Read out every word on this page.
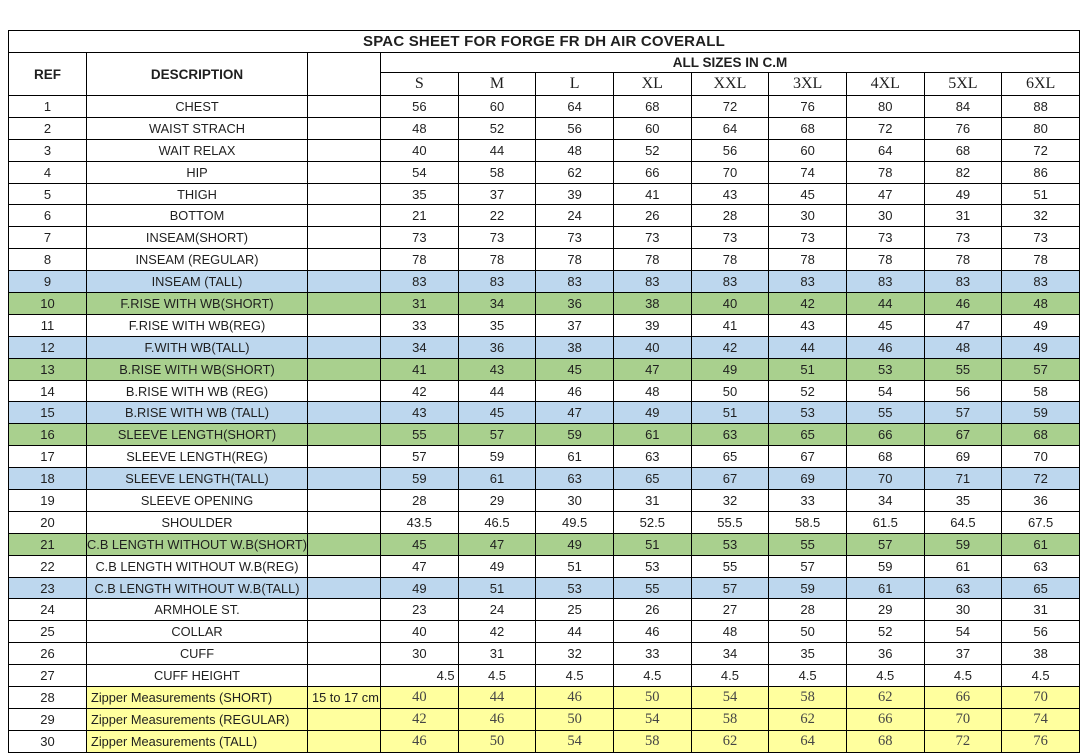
SPAC SHEET FOR FORGE FR DH AIR COVERALL											
REF	DESCRIPTION		ALL SIZES IN C.M								
			S	M	L	XL	XXL	3XL	4XL	5XL	6XL
1	CHEST		56	60	64	68	72	76	80	84	88
2	WAIST STRACH		48	52	56	60	64	68	72	76	80
3	WAIT RELAX		40	44	48	52	56	60	64	68	72
4	HIP		54	58	62	66	70	74	78	82	86
5	THIGH		35	37	39	41	43	45	47	49	51
6	BOTTOM		21	22	24	26	28	30	30	31	32
7	INSEAM(SHORT)		73	73	73	73	73	73	73	73	73
8	INSEAM (REGULAR)		78	78	78	78	78	78	78	78	78
9	INSEAM (TALL)		83	83	83	83	83	83	83	83	83
10	F.RISE WITH WB(SHORT)		31	34	36	38	40	42	44	46	48
11	F.RISE WITH WB(REG)		33	35	37	39	41	43	45	47	49
12	F.WITH WB(TALL)		34	36	38	40	42	44	46	48	49
13	B.RISE WITH WB(SHORT)		41	43	45	47	49	51	53	55	57
14	B.RISE WITH WB (REG)		42	44	46	48	50	52	54	56	58
15	B.RISE WITH WB (TALL)		43	45	47	49	51	53	55	57	59
16	SLEEVE LENGTH(SHORT)		55	57	59	61	63	65	66	67	68
17	SLEEVE LENGTH(REG)		57	59	61	63	65	67	68	69	70
18	SLEEVE LENGTH(TALL)		59	61	63	65	67	69	70	71	72
19	SLEEVE OPENING		28	29	30	31	32	33	34	35	36
20	SHOULDER		43.5	46.5	49.5	52.5	55.5	58.5	61.5	64.5	67.5
21	C.B LENGTH WITHOUT W.B(SHORT)		45	47	49	51	53	55	57	59	61
22	C.B LENGTH WITHOUT W.B(REG)		47	49	51	53	55	57	59	61	63
23	C.B LENGTH WITHOUT W.B(TALL)		49	51	53	55	57	59	61	63	65
24	ARMHOLE ST.		23	24	25	26	27	28	29	30	31
25	COLLAR		40	42	44	46	48	50	52	54	56
26	CUFF		30	31	32	33	34	35	36	37	38
27	CUFF HEIGHT		4.5	4.5	4.5	4.5	4.5	4.5	4.5	4.5	4.5
28	Zipper Measurements (SHORT)	15 to 17 cm	40	44	46	50	54	58	62	66	70
29	Zipper Measurements (REGULAR)		42	46	50	54	58	62	66	70	74
30	Zipper Measurements (TALL)		46	50	54	58	62	64	68	72	76
